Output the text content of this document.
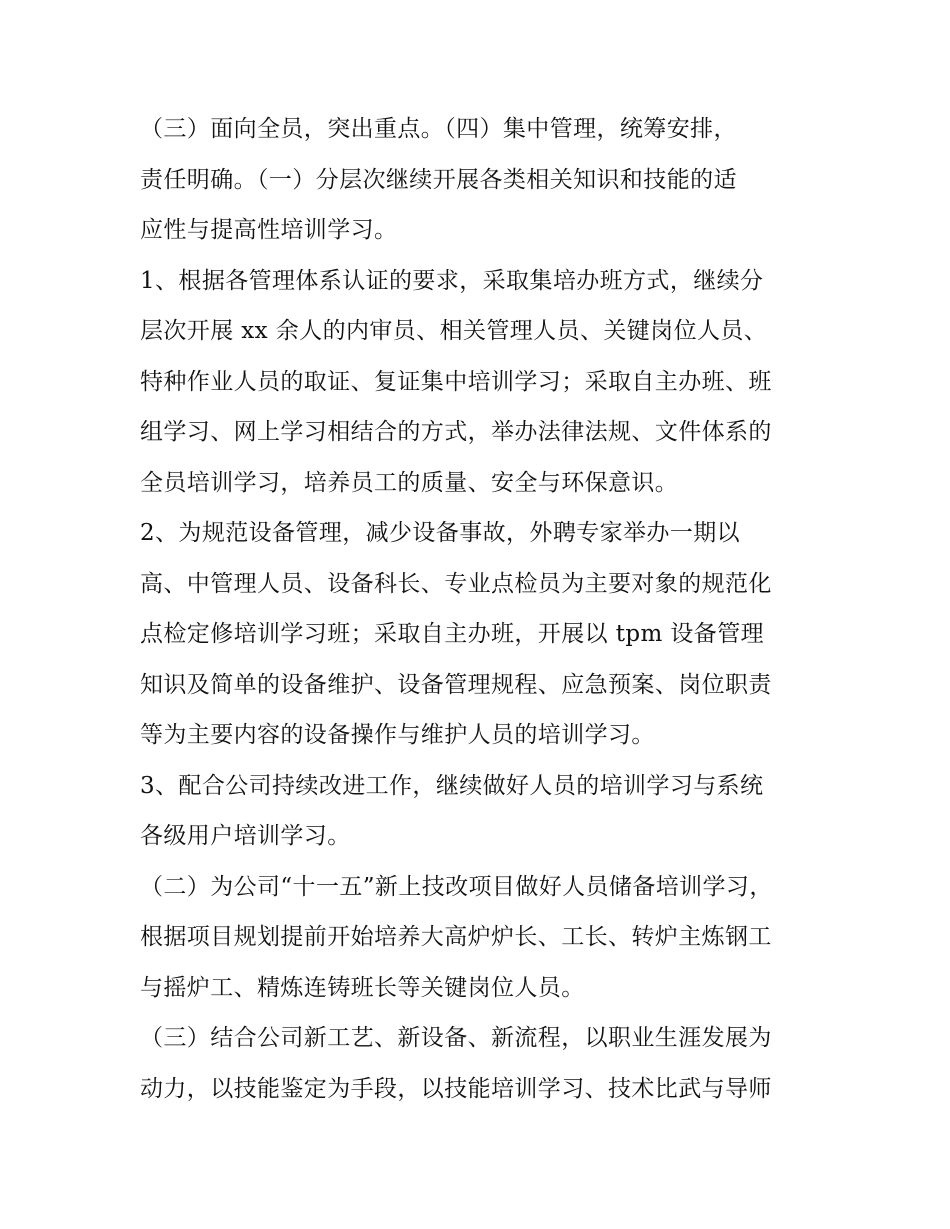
（三）面向全员，突出重点。（四）集中管理，统筹安排，
责任明确。（一）分层次继续开展各类相关知识和技能的适
应性与提高性培训学习。
1、根据各管理体系认证的要求，采取集培办班方式，继续分
层次开展 xx 余人的内审员、相关管理人员、关键岗位人员、
特种作业人员的取证、复证集中培训学习；采取自主办班、班
组学习、网上学习相结合的方式，举办法律法规、文件体系的
全员培训学习，培养员工的质量、安全与环保意识。
2、为规范设备管理，减少设备事故，外聘专家举办一期以
高、中管理人员、设备科长、专业点检员为主要对象的规范化
点检定修培训学习班；采取自主办班，开展以 tpm 设备管理
知识及简单的设备维护、设备管理规程、应急预案、岗位职责
等为主要内容的设备操作与维护人员的培训学习。
3、配合公司持续改进工作，继续做好人员的培训学习与系统
各级用户培训学习。
（二）为公司“十一五”新上技改项目做好人员储备培训学习，
根据项目规划提前开始培养大高炉炉长、工长、转炉主炼钢工
与摇炉工、精炼连铸班长等关键岗位人员。
（三）结合公司新工艺、新设备、新流程，以职业生涯发展为
动力，以技能鉴定为手段，以技能培训学习、技术比武与导师
